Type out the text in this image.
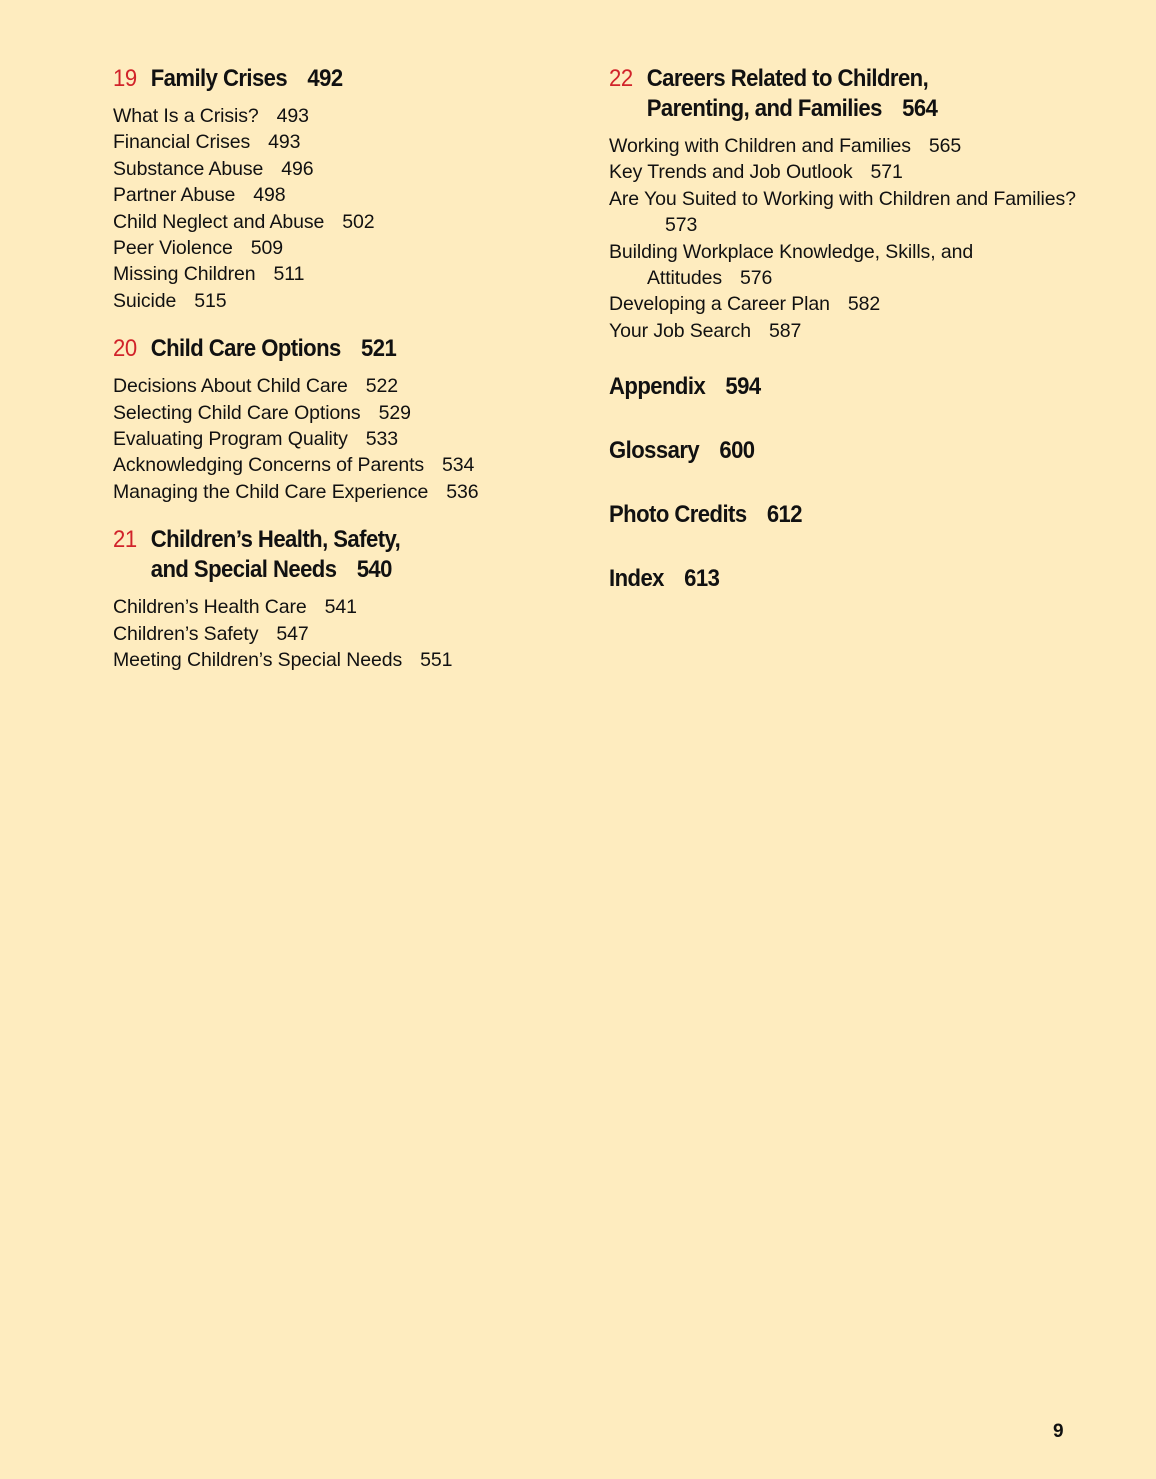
19 Family Crises 492
What Is a Crisis? 493
Financial Crises 493
Substance Abuse 496
Partner Abuse 498
Child Neglect and Abuse 502
Peer Violence 509
Missing Children 511
Suicide 515
20 Child Care Options 521
Decisions About Child Care 522
Selecting Child Care Options 529
Evaluating Program Quality 533
Acknowledging Concerns of Parents 534
Managing the Child Care Experience 536
21 Children’s Health, Safety,
and Special Needs 540
Children’s Health Care 541
Children’s Safety 547
Meeting Children’s Special Needs 551
22 Careers Related to Children,
Parenting, and Families 564
Working with Children and Families 565
Key Trends and Job Outlook 571
Are You Suited to Working with Children and Families?573
Building Workplace Knowledge, Skills, and Attitudes 576
Developing a Career Plan 582
Your Job Search 587
Appendix 594
Glossary 600
Photo Credits 612
Index 613
9
